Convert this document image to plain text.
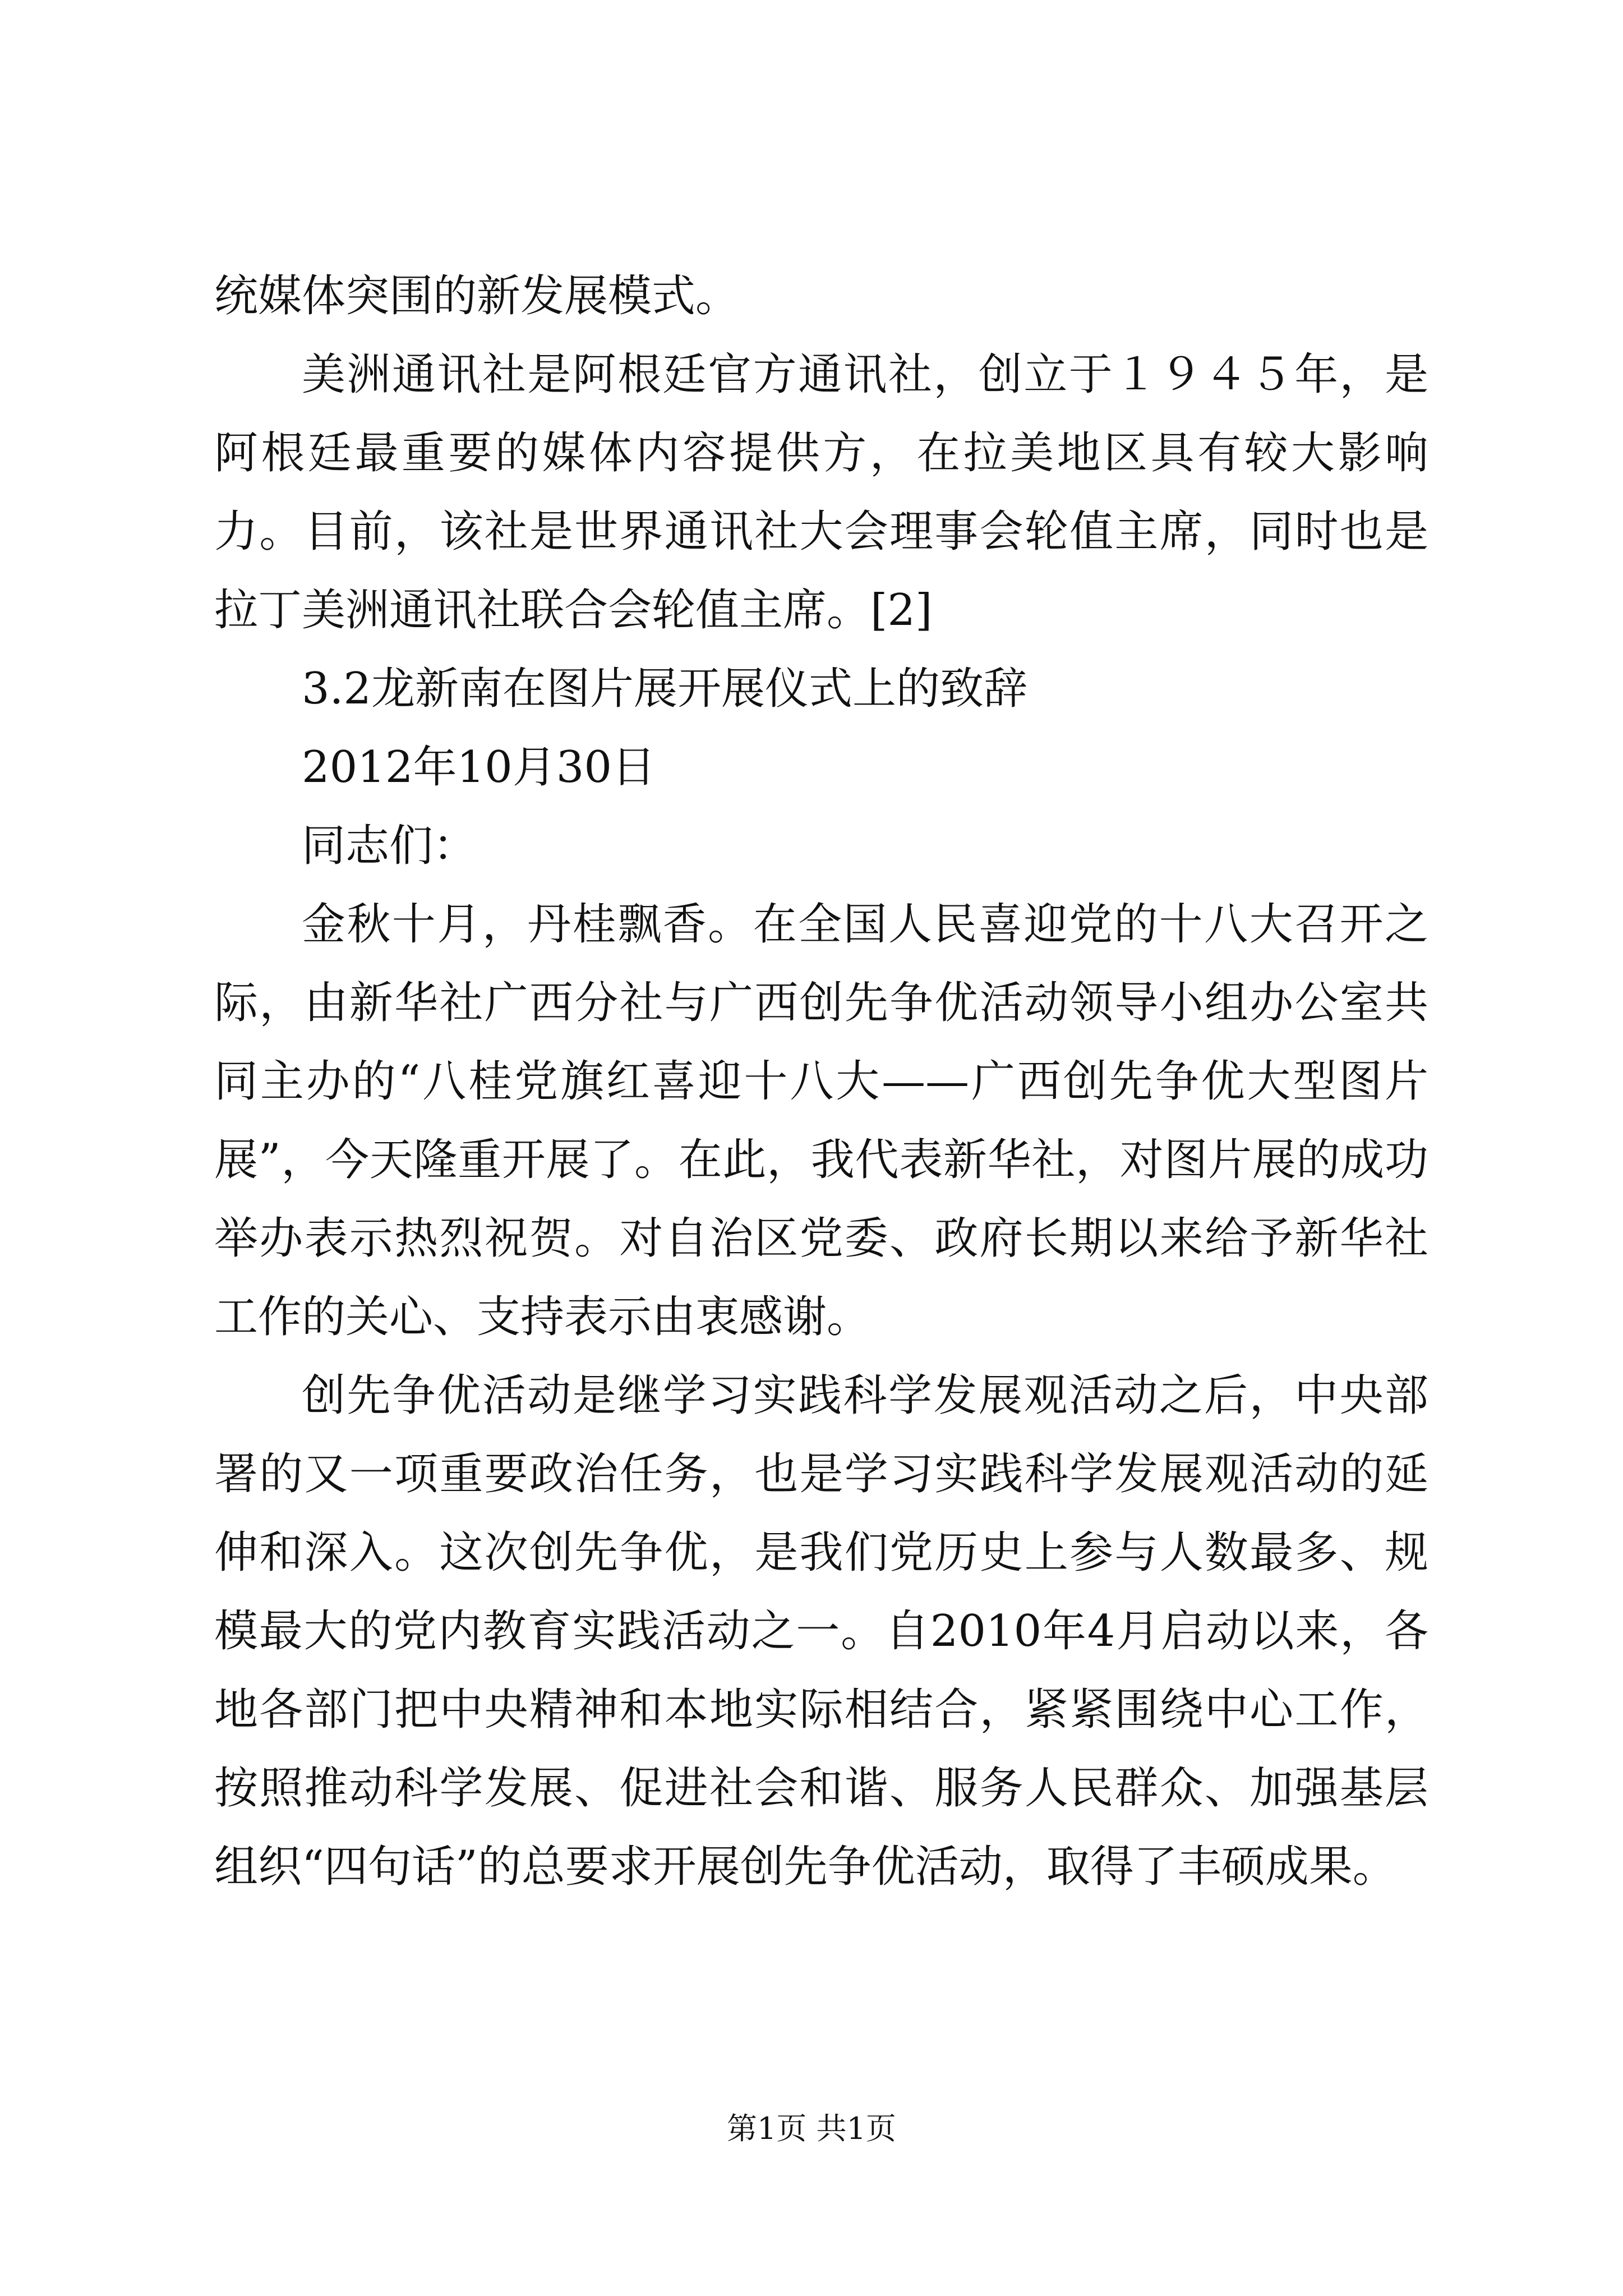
统媒体突围的新发展模式。

美洲通讯社是阿根廷官方通讯社，创立于１９４５年，是阿根廷最重要的媒体内容提供方，在拉美地区具有较大影响力。目前，该社是世界通讯社大会理事会轮值主席，同时也是拉丁美洲通讯社联合会轮值主席。[2]

3.2龙新南在图片展开展仪式上的致辞

2012年10月30日

同志们：

金秋十月，丹桂飘香。在全国人民喜迎党的十八大召开之际，由新华社广西分社与广西创先争优活动领导小组办公室共同主办的“八桂党旗红喜迎十八大——广西创先争优大型图片展”，今天隆重开展了。在此，我代表新华社，对图片展的成功举办表示热烈祝贺。对自治区党委、政府长期以来给予新华社工作的关心、支持表示由衷感谢。

创先争优活动是继学习实践科学发展观活动之后，中央部署的又一项重要政治任务，也是学习实践科学发展观活动的延伸和深入。这次创先争优，是我们党历史上参与人数最多、规模最大的党内教育实践活动之一。自2010年4月启动以来，各地各部门把中央精神和本地实际相结合，紧紧围绕中心工作，按照推动科学发展、促进社会和谐、服务人民群众、加强基层组织“四句话”的总要求开展创先争优活动，取得了丰硕成果。

第1页 共1页
